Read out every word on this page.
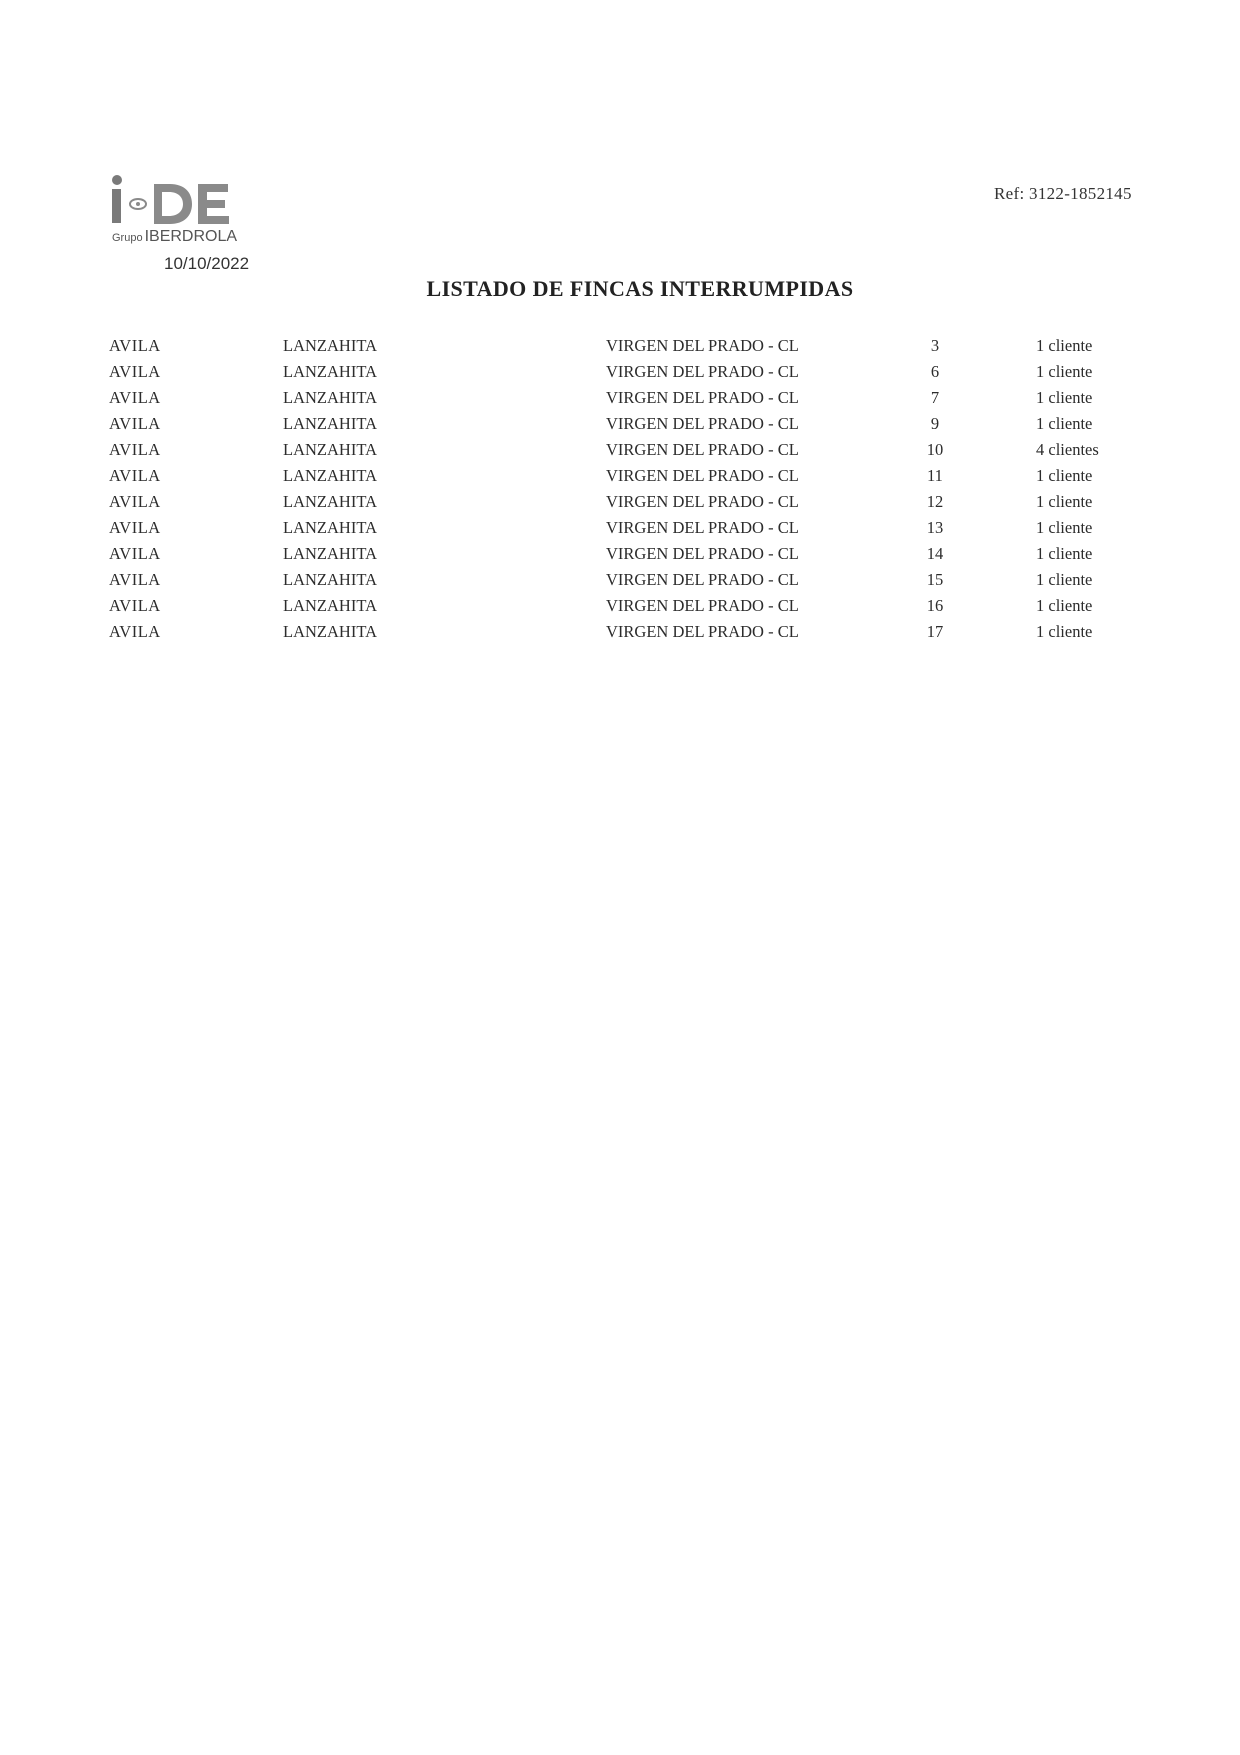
Grupo IBERDROLA
10/10/2022
Ref: 3122-1852145
LISTADO DE FINCAS INTERRUMPIDAS
AVILA	LANZAHITA	VIRGEN DEL PRADO - CL	3	1 cliente
AVILA	LANZAHITA	VIRGEN DEL PRADO - CL	6	1 cliente
AVILA	LANZAHITA	VIRGEN DEL PRADO - CL	7	1 cliente
AVILA	LANZAHITA	VIRGEN DEL PRADO - CL	9	1 cliente
AVILA	LANZAHITA	VIRGEN DEL PRADO - CL	10	4 clientes
AVILA	LANZAHITA	VIRGEN DEL PRADO - CL	11	1 cliente
AVILA	LANZAHITA	VIRGEN DEL PRADO - CL	12	1 cliente
AVILA	LANZAHITA	VIRGEN DEL PRADO - CL	13	1 cliente
AVILA	LANZAHITA	VIRGEN DEL PRADO - CL	14	1 cliente
AVILA	LANZAHITA	VIRGEN DEL PRADO - CL	15	1 cliente
AVILA	LANZAHITA	VIRGEN DEL PRADO - CL	16	1 cliente
AVILA	LANZAHITA	VIRGEN DEL PRADO - CL	17	1 cliente
